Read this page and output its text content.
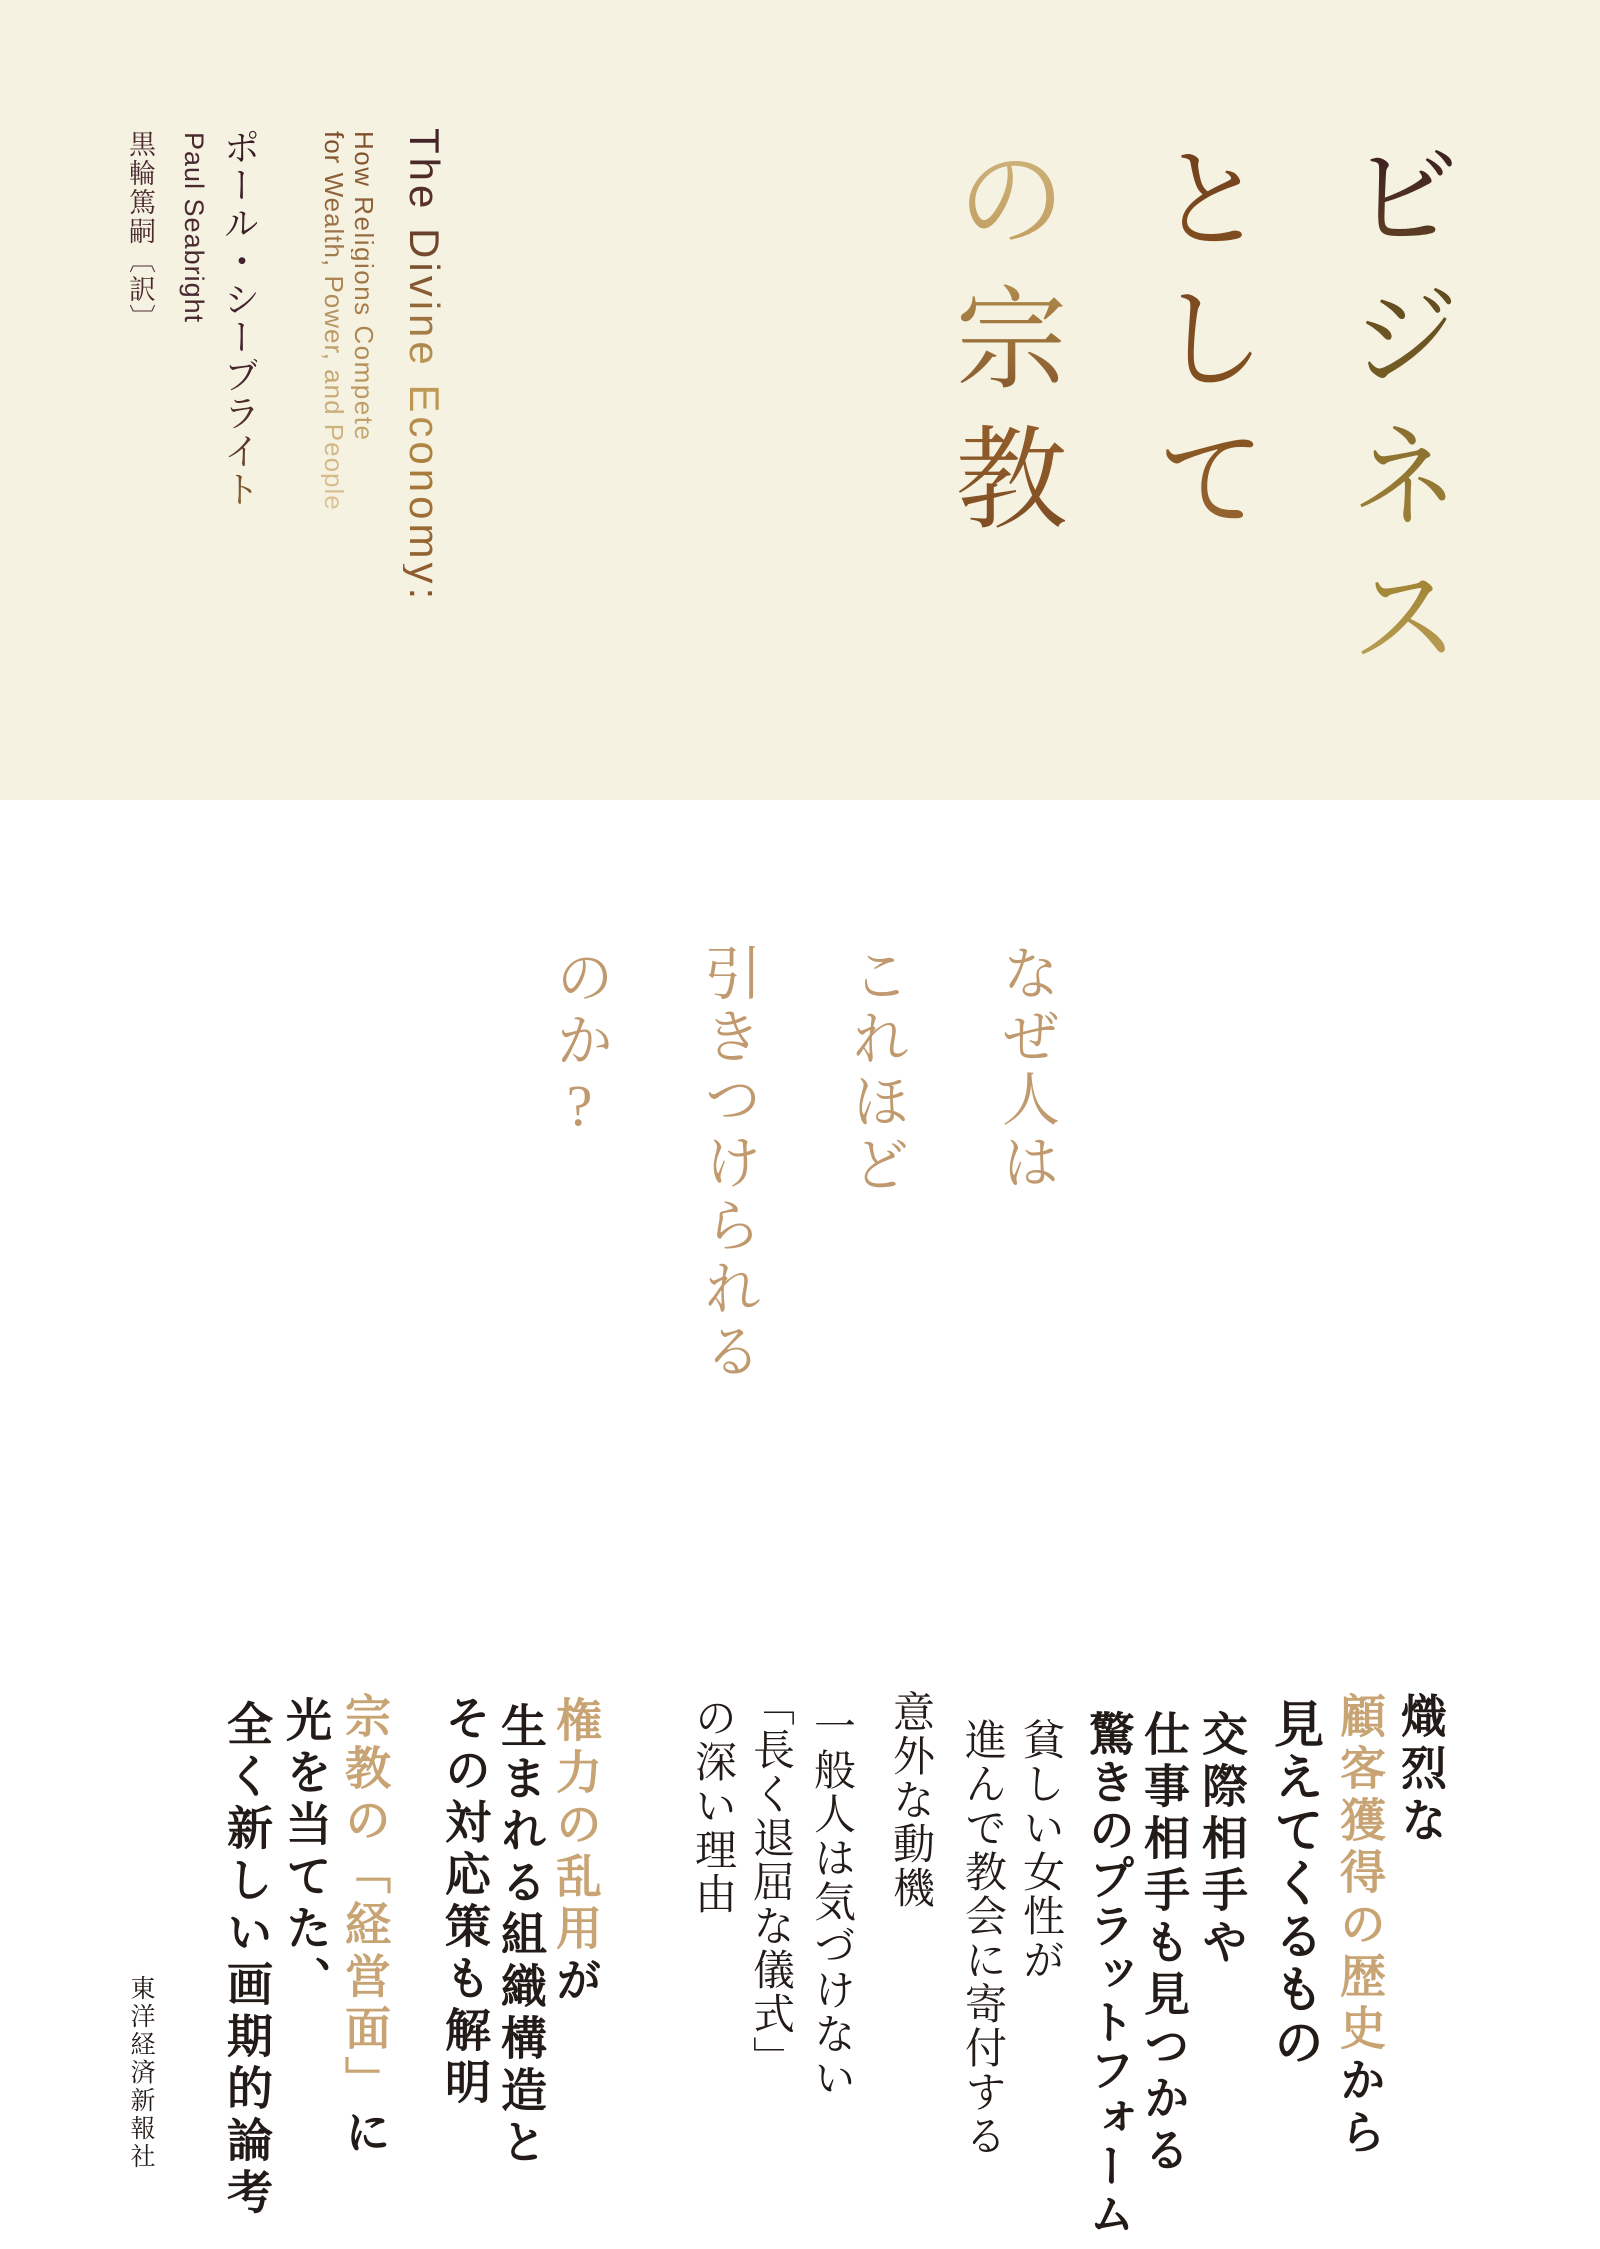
ビジネス
として
の宗教
The Divine Economy:
How Religions Compete
for Wealth, Power, and People
ポール・シーブライト
Paul Seabright
黒輪篤嗣〔訳〕
なぜ人は
これほど
引きつけられる
のか?
熾烈な
顧客獲得の歴史から
見えてくるもの
交際相手や
仕事相手も見つかる
驚きのプラットフォーム
貧しい女性が
進んで教会に寄付する
意外な動機
一般人は気づけない
「長く退屈な儀式」
の深い理由
権力の乱用が
生まれる組織構造と
その対応策も解明
宗教の「経営面」に
光を当てた、
全く新しい画期的論考
東洋経済新報社
